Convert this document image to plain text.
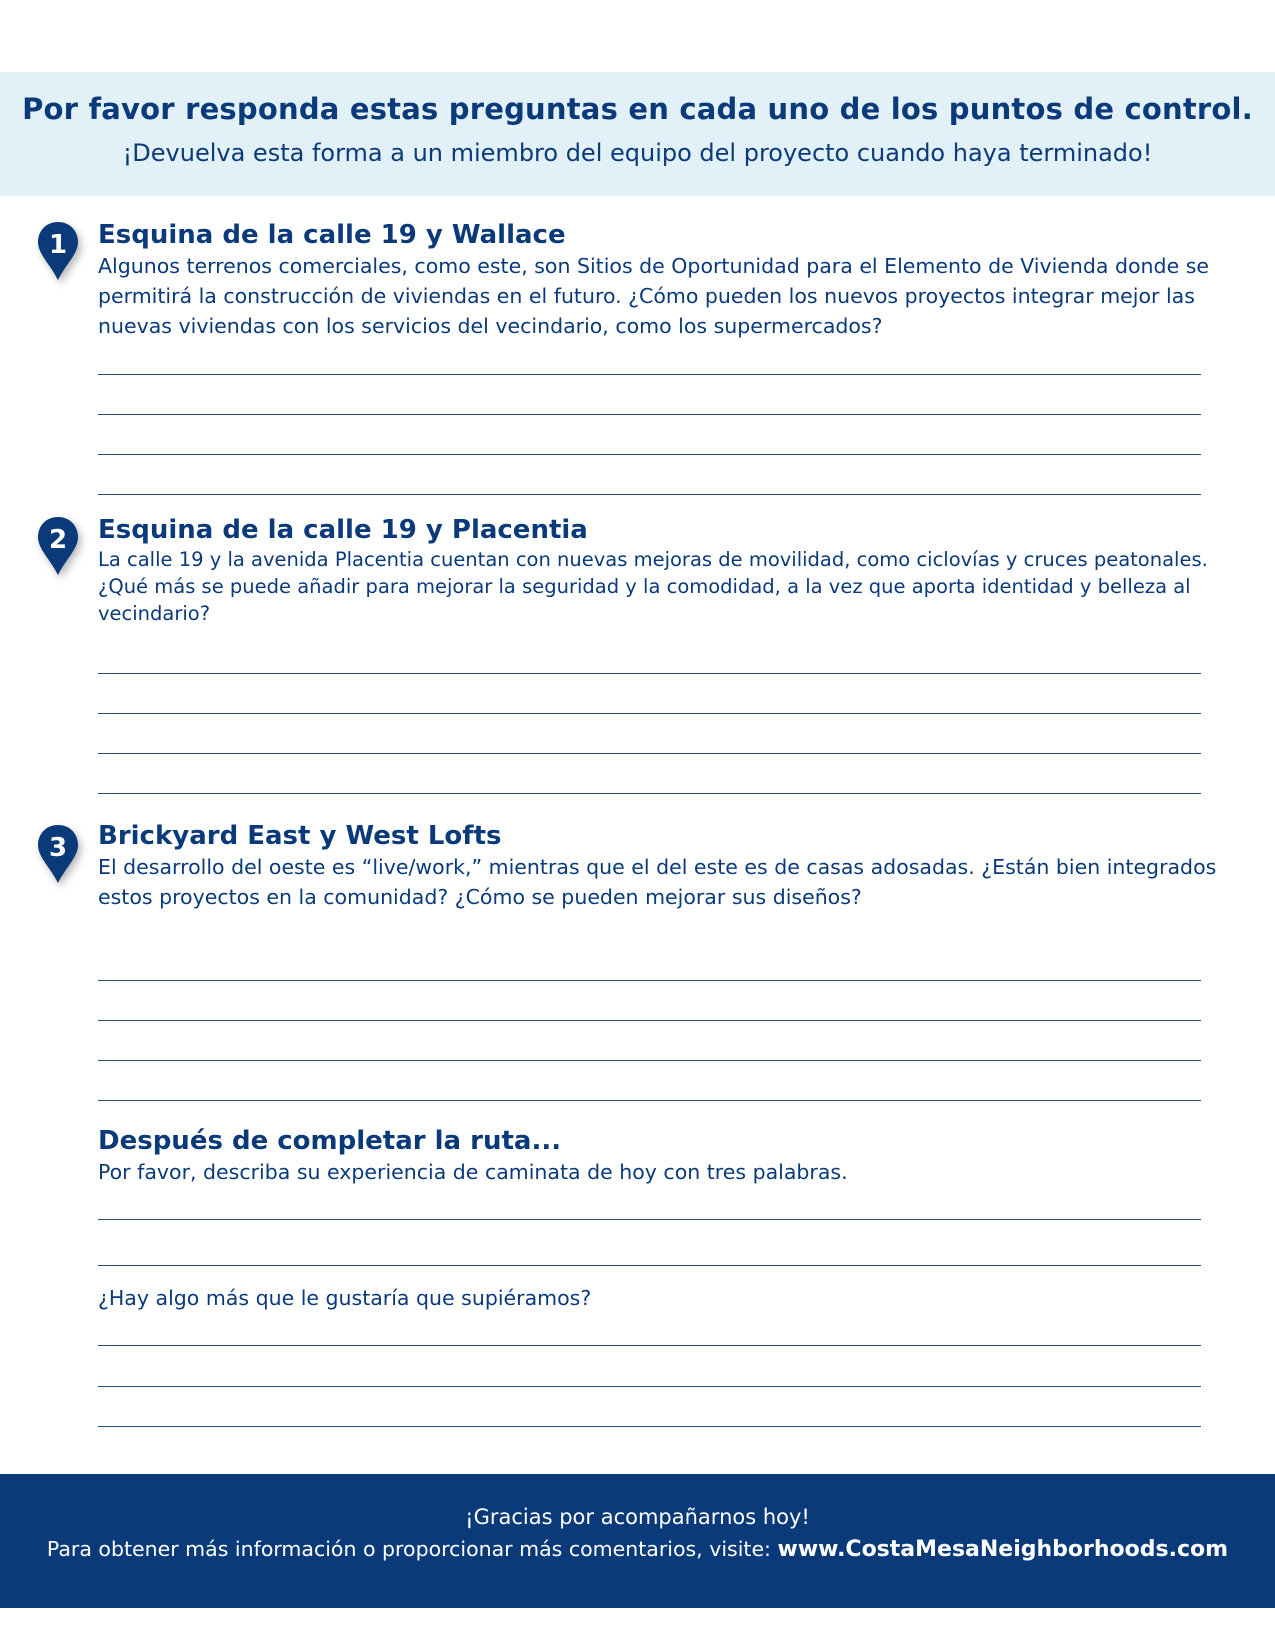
Por favor responda estas preguntas en cada uno de los puntos de control.
¡Devuelva esta forma a un miembro del equipo del proyecto cuando haya terminado!
1 Esquina de la calle 19 y Wallace

Algunos terrenos comerciales, como este, son Sitios de Oportunidad para el Elemento de Vivienda donde se permitirá la construcción de viviendas en el futuro. ¿Cómo pueden los nuevos proyectos integrar mejor las nuevas viviendas con los servicios del vecindario, como los supermercados?

2 Esquina de la calle 19 y Placentia

La calle 19 y la avenida Placentia cuentan con nuevas mejoras de movilidad, como ciclovías y cruces peatonales. ¿Qué más se puede añadir para mejorar la seguridad y la comodidad, a la vez que aporta identidad y belleza al vecindario?

3 Brickyard East y West Lofts

El desarrollo del oeste es “live/work,” mientras que el del este es de casas adosadas. ¿Están bien integrados estos proyectos en la comunidad? ¿Cómo se pueden mejorar sus diseños?

Después de completar la ruta...

Por favor, describa su experiencia de caminata de hoy con tres palabras.

¿Hay algo más que le gustaría que supiéramos?

¡Gracias por acompañarnos hoy!
Para obtener más información o proporcionar más comentarios, visite: www.CostaMesaNeighborhoods.com
